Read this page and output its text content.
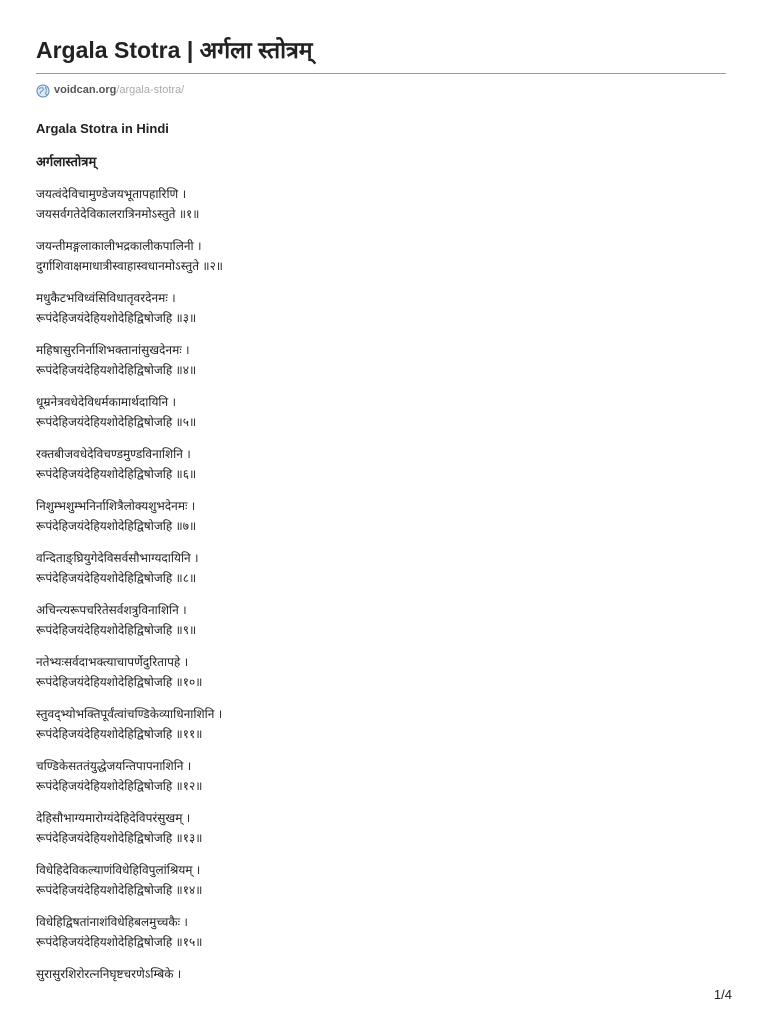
Argala Stotra | अर्गला स्तोत्रम्
voidcan.org /argala-stotra/
Argala Stotra in Hindi
अर्गलास्तोत्रम्
जयत्वंदेविचामुण्डेजयभूतापहारिणि ।
जयसर्वगतेदेविकालरात्रिनमोऽस्तुते ॥१॥
जयन्तीमङ्गलाकालीभद्रकालीकपालिनी ।
दुर्गाशिवाक्षमाधात्रीस्वाहास्वधानमोऽस्तुते ॥२॥
मधुकैटभविध्वंसिविधातृवरदेनमः ।
रूपंदेहिजयंदेहियशोदेहिद्विषोजहि ॥३॥
महिषासुरनिर्नाशिभक्तानांसुखदेनमः ।
रूपंदेहिजयंदेहियशोदेहिद्विषोजहि ॥४॥
धूम्रनेत्रवधेदेविधर्मकामार्थदायिनि ।
रूपंदेहिजयंदेहियशोदेहिद्विषोजहि ॥५॥
रक्तबीजवधेदेविचण्डमुण्डविनाशिनि ।
रूपंदेहिजयंदेहियशोदेहिद्विषोजहि ॥६॥
निशुम्भशुम्भनिर्नाशित्रैलोक्यशुभदेनमः ।
रूपंदेहिजयंदेहियशोदेहिद्विषोजहि ॥७॥
वन्दिताङ्घ्रियुगेदेविसर्वसौभाग्यदायिनि ।
रूपंदेहिजयंदेहियशोदेहिद्विषोजहि ॥८॥
अचिन्त्यरूपचरितेसर्वशत्रुविनाशिनि ।
रूपंदेहिजयंदेहियशोदेहिद्विषोजहि ॥९॥
नतेभ्यःसर्वदाभक्त्याचापर्णेदुरितापहे ।
रूपंदेहिजयंदेहियशोदेहिद्विषोजहि ॥१०॥
स्तुवद्भ्योभक्तिपूर्वंत्वांचण्डिकेव्याधिनाशिनि ।
रूपंदेहिजयंदेहियशोदेहिद्विषोजहि ॥११॥
चण्डिकेसततंयुद्धेजयन्तिपापनाशिनि ।
रूपंदेहिजयंदेहियशोदेहिद्विषोजहि ॥१२॥
देहिसौभाग्यमारोग्यंदेहिदेविपरंसुखम् ।
रूपंदेहिजयंदेहियशोदेहिद्विषोजहि ॥१३॥
विधेहिदेविकल्याणंविधेहिविपुलांश्रियम् ।
रूपंदेहिजयंदेहियशोदेहिद्विषोजहि ॥१४॥
विधेहिद्विषतांनाशंविधेहिबलमुच्चकैः ।
रूपंदेहिजयंदेहियशोदेहिद्विषोजहि ॥१५॥
सुरासुरशिरोरत्ननिघृष्टचरणेऽम्बिके ।
1/4
